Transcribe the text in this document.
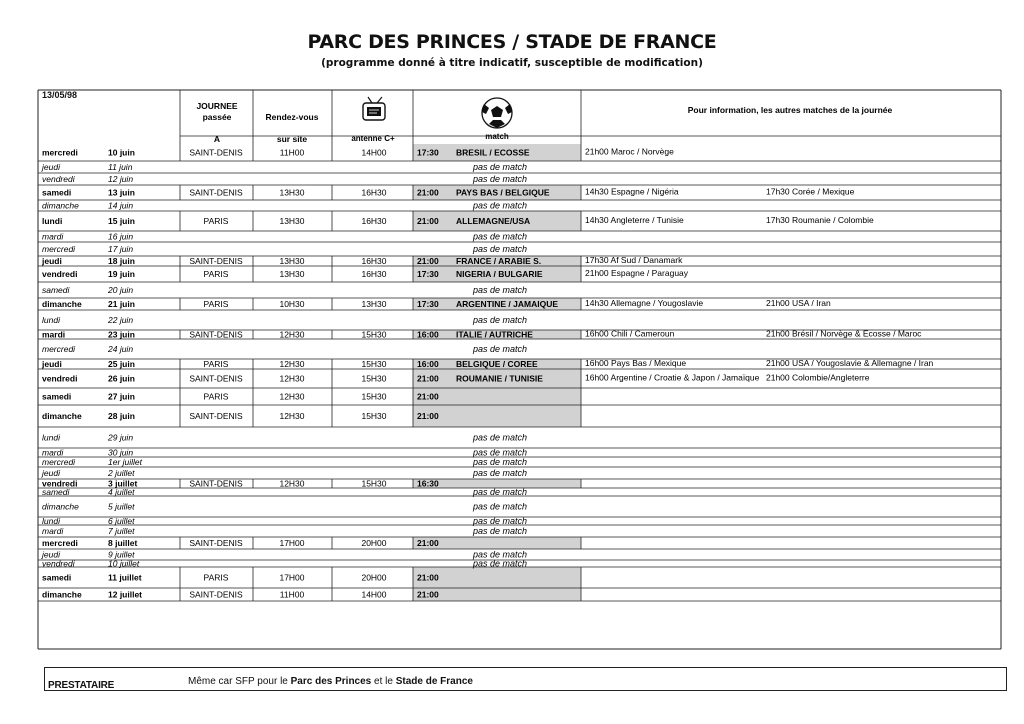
PARC DES PRINCES / STADE DE FRANCE
(programme donné à titre indicatif, susceptible de modification)
13/05/98
JOURNEE
passée
A
Rendez-vous
sur site	antenne C+	match
Pour information, les autres matches de la journée
mercredi	10 juin	SAINT-DENIS	11H00	14H00	17:30 BRESIL / ECOSSE	21h00 Maroc / Norvège
jeudi	11 juin	pas de match
vendredi	12 juin	pas de match
samedi	13 juin	SAINT-DENIS	13H30	16H30	21:00 PAYS BAS / BELGIQUE	14h30 Espagne / Nigéria	17h30 Corée / Mexique
dimanche	14 juin	pas de match
lundi	15 juin	PARIS	13H30	16H30	21:00 ALLEMAGNE/USA	14h30 Angleterre / Tunisie	17h30 Roumanie / Colombie
mardi	16 juin	pas de match
mercredi	17 juin	pas de match
jeudi	18 juin	SAINT-DENIS	13H30	16H30	21:00 FRANCE / ARABIE S.	17h30 Af Sud / Danamark
vendredi	19 juin	PARIS	13H30	16H30	17:30 NIGERIA / BULGARIE	21h00 Espagne / Paraguay
samedi	20 juin	pas de match
dimanche	21 juin	PARIS	10H30	13H30	17:30 ARGENTINE / JAMAIQUE	14h30 Allemagne / Yougoslavie	21h00 USA / Iran
lundi	22 juin	pas de match
mardi	23 juin	SAINT-DENIS	12H30	15H30	16:00 ITALIE / AUTRICHE	16h00 Chili / Cameroun	21h00 Brésil / Norvège & Ecosse / Maroc
mercredi	24 juin	pas de match
jeudi	25 juin	PARIS	12H30	15H30	16:00 BELGIQUE / COREE	16h00 Pays Bas / Mexique	21h00 USA / Yougoslavie & Allemagne / Iran
vendredi	26 juin	SAINT-DENIS	12H30	15H30	21:00 ROUMANIE / TUNISIE	16h00 Argentine / Croatie & Japon / Jamaïque 21h00 Colombie/Angleterre
samedi	27 juin	PARIS	12H30	15H30	21:00
dimanche	28 juin	SAINT-DENIS	12H30	15H30	21:00
lundi	29 juin	pas de match
mardi	30 juin	pas de match
mercredi	1er juillet	pas de match
jeudi	2 juillet	pas de match
vendredi	3 juillet	SAINT-DENIS	12H30	15H30	16:30
samedi	4 juillet	pas de match
dimanche	5 juillet	pas de match
lundi	6 juillet	pas de match
mardi	7 juillet	pas de match
mercredi	8 juillet	SAINT-DENIS	17H00	20H00	21:00
jeudi	9 juillet	pas de match
vendredi	10 juillet	pas de match
samedi	11 juillet	PARIS	17H00	20H00	21:00
dimanche	12 juillet	SAINT-DENIS	11H00	14H00	21:00
PRESTATAIRE	Même car SFP pour le Parc des Princes et le Stade de France
